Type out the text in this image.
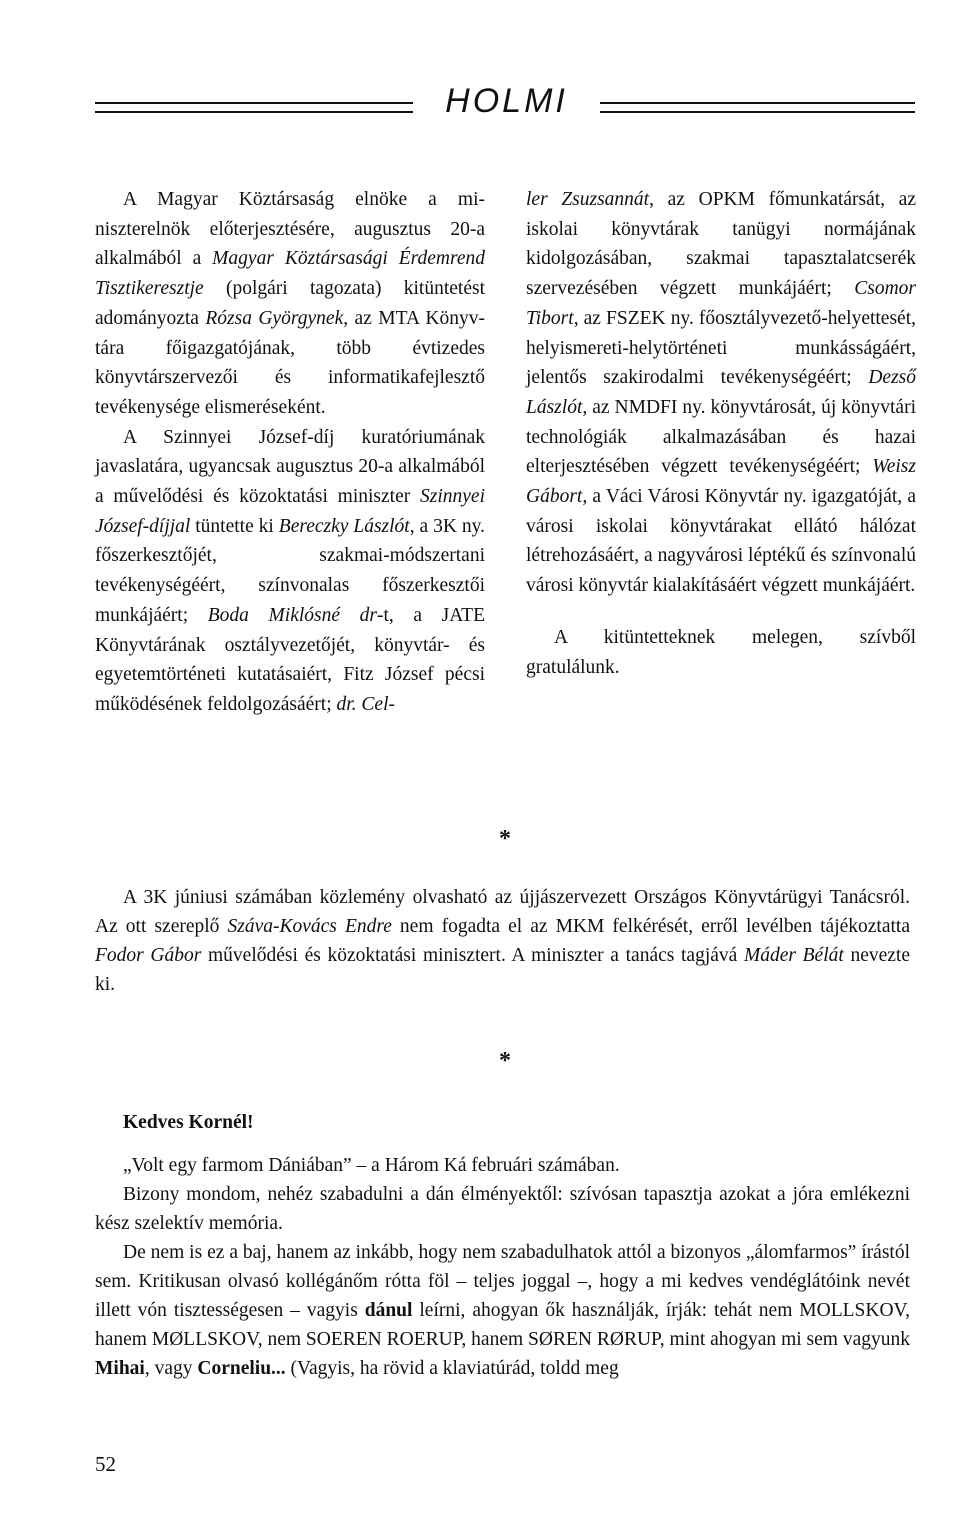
HOLMI

A Magyar Köztársaság elnöke a miniszterelnök előterjesztésére, augusztus 20-a alkalmából a Magyar Köztársasági Érdemrend Tisztikeresztje (polgári tagozata) kitüntetést adományozta Rózsa Györgynek, az MTA Könyvtára főigazgatójának, több évtizedes könyvtárszervezői és informatikafejlesztő tevékenysége elismeréseként.

A Szinnyei József-díj kuratóriumának javaslatára, ugyancsak augusztus 20-a alkalmából a művelődési és közoktatási miniszter Szinnyei József-díjjal tüntette ki Bereczky Lászlót, a 3K ny. főszerkesztőjét, szakmai-módszertani tevékenységéért, színvonalas főszerkesztői munkájáért; Boda Miklósné dr-t, a JATE Könyvtárának osztályvezetőjét, könyvtár- és egyetemtörténeti kutatásaiért, Fitz József pécsi működésének feldolgozásáért; dr. Cel-

ler Zsuzsannát, az OPKM főmunkatársát, az iskolai könyvtárak tanügyi normájának kidolgozásában, szakmai tapasztalatcserék szervezésében végzett munkájáért; Csomor Tibort, az FSZEK ny. főosztályvezető-helyettesét, helyismereti-helytörténeti munkásságáért, jelentős szakirodalmi tevékenységéért; Dezső Lászlót, az NMDFI ny. könyvtárosát, új könyvtári technológiák alkalmazásában és hazai elterjesztésében végzett tevékenységéért; Weisz Gábort, a Váci Városi Könyvtár ny. igazgatóját, a városi iskolai könyvtárakat ellátó hálózat létrehozásáért, a nagyvárosi léptékű és színvonalú városi könyvtár kialakításáért végzett munkájáért.

A kitüntetteknek melegen, szívből gratulálunk.

*

A 3K júniusi számában közlemény olvasható az újjászervezett Országos Könyvtárügyi Tanácsról. Az ott szereplő Száva-Kovács Endre nem fogadta el az MKM felkérését, erről levélben tájékoztatta Fodor Gábor művelődési és közoktatási minisztert. A miniszter a tanács tagjává Máder Bélát nevezte ki.

*

Kedves Kornél!

„Volt egy farmom Dániában” – a Három Ká februári számában.

Bizony mondom, nehéz szabadulni a dán élményektől: szívósan tapasztja azokat a jóra emlékezni kész szelektív memória.

De nem is ez a baj, hanem az inkább, hogy nem szabadulhatok attól a bizonyos „álomfarmos” írástól sem. Kritikusan olvasó kollégánőm rótta föl – teljes joggal –, hogy a mi kedves vendéglátóink nevét illett vón tisztességesen – vagyis dánul leírni, ahogyan ők használják, írják: tehát nem MOLLSKOV, hanem MØLLSKOV, nem SOEREN ROERUP, hanem SØREN RØRUP, mint ahogyan mi sem vagyunk Mihai, vagy Corneliu... (Vagyis, ha rövid a klaviatúrád, toldd meg

52
